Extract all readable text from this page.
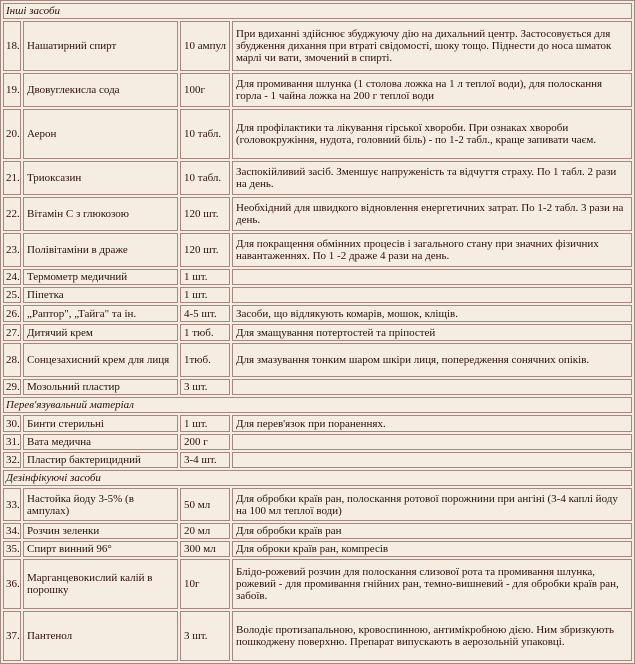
Інші засоби			
18.	Нашатирний спирт	10 ампул	При вдиханні здійснює збуджуючу дію на дихальний центр. Застосовується для збудження дихання при втраті свідомості, шоку тощо. Піднести до носа шматок марлі чи вати, змочений в спирті.
19.	Двовуглекисла сода	100г	Для промивання шлунка (1 столова ложка на 1 л теплої води), для полоскання горла - 1 чайна ложка на 200 г теплої води
20.	Аерон	10 табл.	Для профілактики та лікування гірської хвороби. При ознаках хвороби (головокружіння, нудота, головний біль) - по 1-2 табл., краще запивати чаєм.
21.	Триоксазин	10 табл.	Заспокійливий засіб. Зменшує напруженість та відчуття страху. По 1 табл. 2 рази на день.
22.	Вітамін С з глюкозою	120 шт.	Необхідний для швидкого відновлення енергетичних затрат. По 1-2 табл. 3 рази на день.
23.	Полівітаміни в драже	120 шт.	Для покращення обмінних процесів і загального стану при значних фізичних навантаженнях. По 1 -2 драже 4 рази на день.
24.	Термометр медичний	1 шт.	
25.	Піпетка	1 шт.	
26.	„Раптор", „Тайга" та ін.	4-5 шт.	Засоби, що відлякують комарів, мошок, кліщів.
27.	Дитячий крем	1 тюб.	Для змащування потертостей та пріпостей
28.	Сонцезахисний крем для лиця	1тюб.	Для змазування тонким шаром шкіри лиця, попередження сонячних опіків.
29.	Мозольний пластир	3 шт.	
Перев'язувальний матеріал			
30.	Бинти стерильні	1 шт.	Для перев'язок при пораненнях.
31.	Вата медична	200 г	
32.	Пластир бактерицидний	3-4 шт.	
Дезінфікуючі засоби			
33.	Настойка йоду 3-5% (в ампулах)	50 мл	Для обробки країв ран, полоскання ротової порожнини при ангіні (3-4 каплі йоду на 100 мл теплої води)
34.	Розчин зеленки	20 мл	Для обробки країв ран
35.	Спирт винний 96°	300 мл	Для оброки країв ран, компресів
36.	Марганцевокислий калій в порошку	10г	Блідо-рожевий розчин для полоскання слизової рота та промивання шлунка, рожевий - для промивання гнійних ран, темно-вишневий - для обробки країв ран, забоїв.
37.	Пантенол	3 шт.	Володіє протизапальною, кровоспинною, антимікробною дією. Ним збризкують пошкоджену поверхню. Препарат випускають в аерозольній упаковці.
